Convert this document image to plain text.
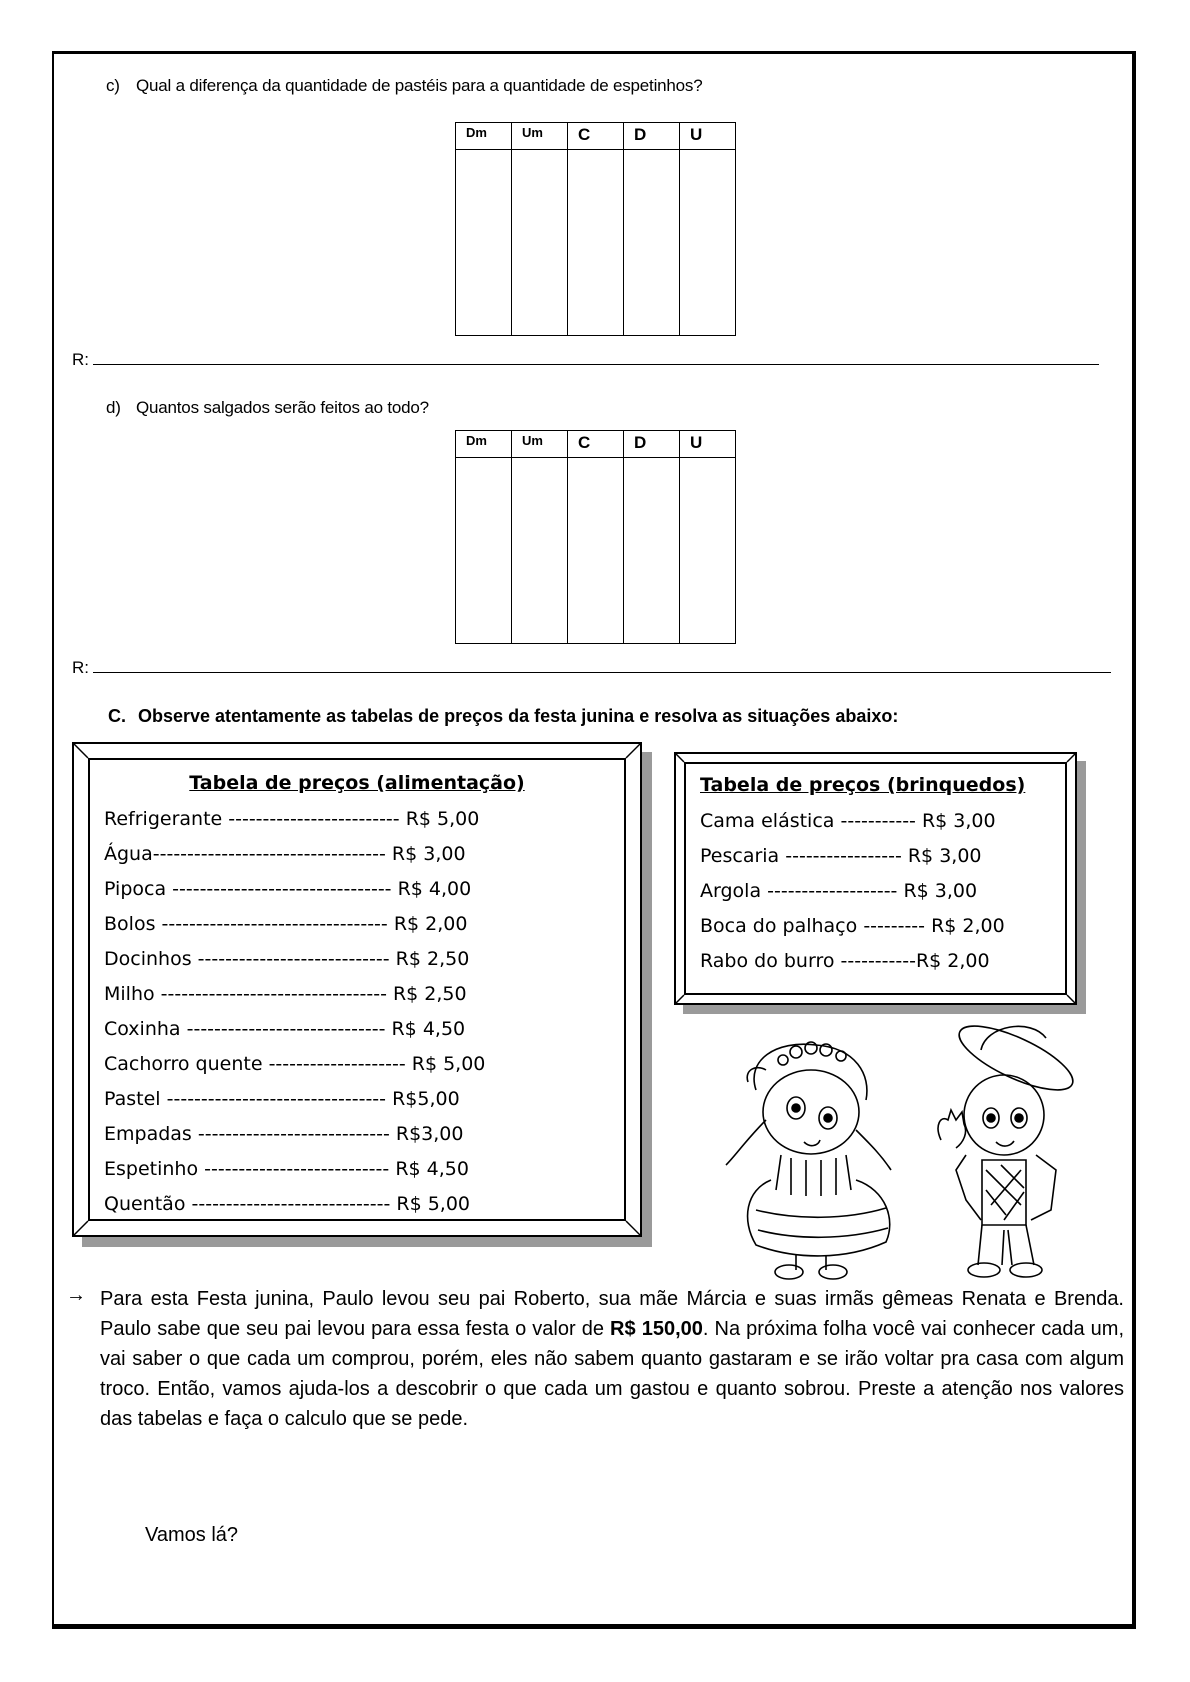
c) Qual a diferença da quantidade de pastéis para a quantidade de espetinhos?
Dm	Um	C	D	U

R:
d) Quantos salgados serão feitos ao todo?
Dm	Um	C	D	U

R:
C. Observe atentamente as tabelas de preços da festa junina e resolva as situações abaixo:
Tabela de preços (alimentação)
Refrigerante ------------------------- R$ 5,00
Água---------------------------------- R$ 3,00
Pipoca -------------------------------- R$ 4,00
Bolos --------------------------------- R$ 2,00
Docinhos ---------------------------- R$ 2,50
Milho --------------------------------- R$ 2,50
Coxinha ----------------------------- R$ 4,50
Cachorro quente -------------------- R$ 5,00
Pastel -------------------------------- R$5,00
Empadas ---------------------------- R$3,00
Espetinho --------------------------- R$ 4,50
Quentão ----------------------------- R$ 5,00
Tabela de preços (brinquedos)
Cama elástica ----------- R$ 3,00
Pescaria ----------------- R$ 3,00
Argola ------------------- R$ 3,00
Boca do palhaço --------- R$ 2,00
Rabo do burro -----------R$ 2,00
→ Para esta Festa junina, Paulo levou seu pai Roberto, sua mãe Márcia e suas irmãs gêmeas Renata e Brenda. Paulo sabe que seu pai levou para essa festa o valor de R$ 150,00. Na próxima folha você vai conhecer cada um, vai saber o que cada um comprou, porém, eles não sabem quanto gastaram e se irão voltar pra casa com algum troco. Então, vamos ajuda-los a descobrir o que cada um gastou e quanto sobrou. Preste a atenção nos valores das tabelas e faça o calculo que se pede.
Vamos lá?
